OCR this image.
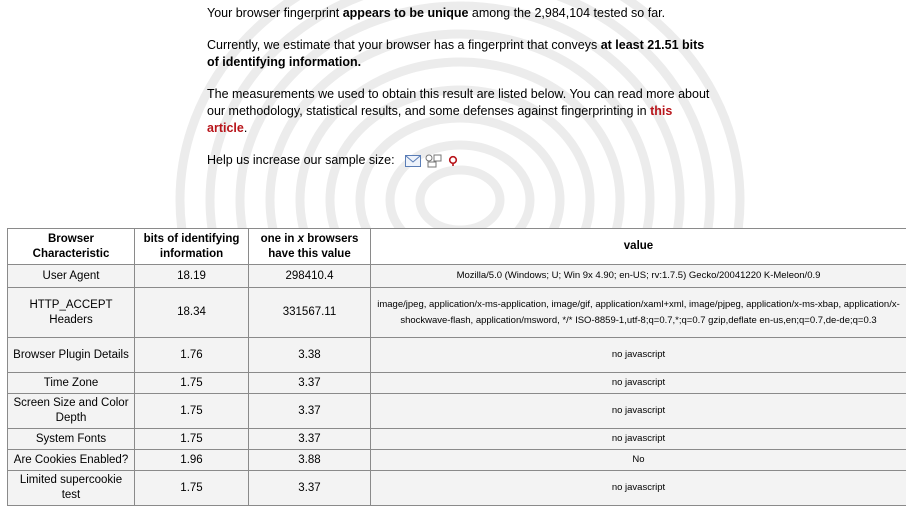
Your browser fingerprint appears to be unique among the 2,984,104 tested so far.

Currently, we estimate that your browser has a fingerprint that conveys at least 21.51 bits of identifying information.

The measurements we used to obtain this result are listed below. You can read more about our methodology, statistical results, and some defenses against fingerprinting in this article.

Help us increase our sample size:
Browser Characteristic	bits of identifying information	one in x browsers have this value	value
User Agent	18.19	298410.4	Mozilla/5.0 (Windows; U; Win 9x 4.90; en-US; rv:1.7.5) Gecko/20041220 K-Meleon/0.9
HTTP_ACCEPT Headers	18.34	331567.11	image/jpeg, application/x-ms-application, image/gif, application/xaml+xml, image/pjpeg, application/x-ms-xbap, application/x-shockwave-flash, application/msword, */* ISO-8859-1,utf-8;q=0.7,*;q=0.7 gzip,deflate en-us,en;q=0.7,de-de;q=0.3
Browser Plugin Details	1.76	3.38	no javascript
Time Zone	1.75	3.37	no javascript
Screen Size and Color Depth	1.75	3.37	no javascript
System Fonts	1.75	3.37	no javascript
Are Cookies Enabled?	1.96	3.88	No
Limited supercookie test	1.75	3.37	no javascript
